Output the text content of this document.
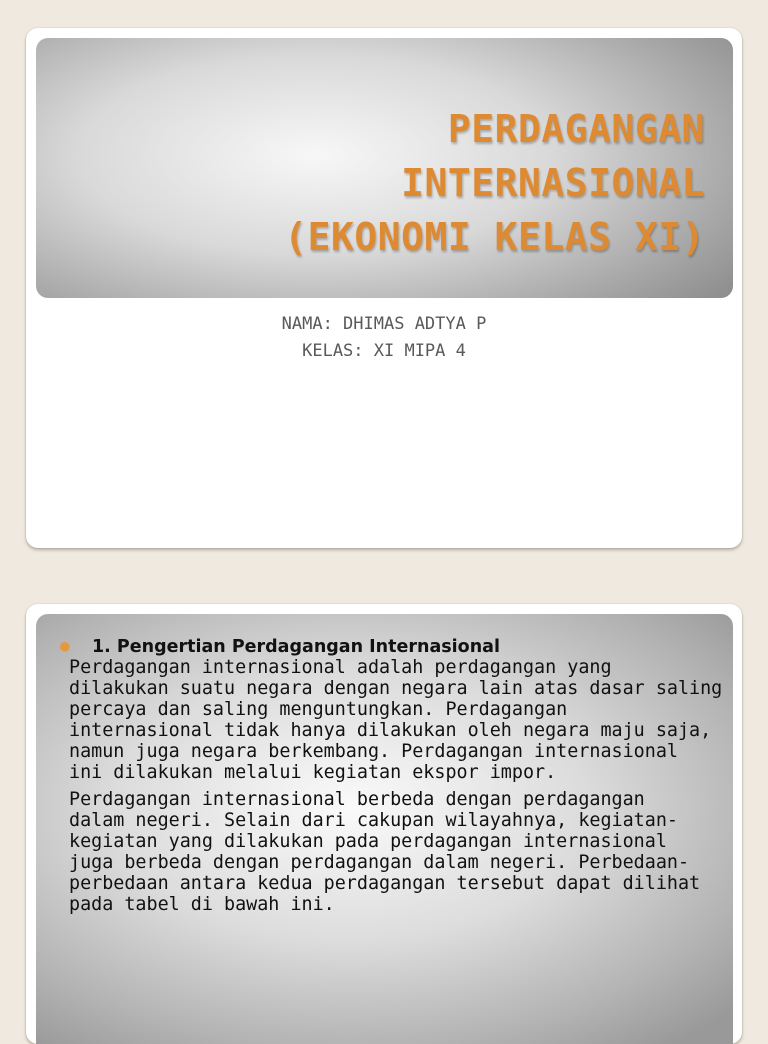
PERDAGANGAN
INTERNASIONAL
(EKONOMI KELAS XI)
NAMA: DHIMAS ADTYA P
KELAS: XI MIPA 4
● 1. Pengertian Perdagangan Internasional

Perdagangan internasional adalah perdagangan yang
dilakukan suatu negara dengan negara lain atas dasar saling
percaya dan saling menguntungkan. Perdagangan
internasional tidak hanya dilakukan oleh negara maju saja,
namun juga negara berkembang. Perdagangan internasional
ini dilakukan melalui kegiatan ekspor impor.

Perdagangan internasional berbeda dengan perdagangan
dalam negeri. Selain dari cakupan wilayahnya, kegiatan-
kegiatan yang dilakukan pada perdagangan internasional
juga berbeda dengan perdagangan dalam negeri. Perbedaan-
perbedaan antara kedua perdagangan tersebut dapat dilihat
pada tabel di bawah ini.
